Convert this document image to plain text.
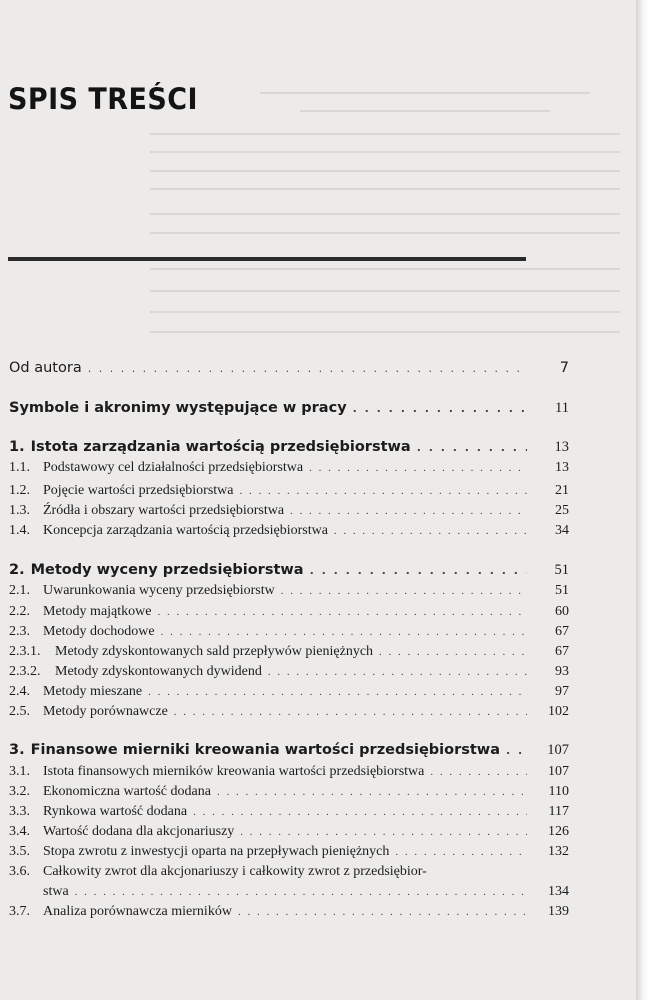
SPIS TREŚCI
Od autora . . .	7
Symbole i akronimy występujące w pracy . . .	11
1. Istota zarządzania wartością przedsiębiorstwa . . .	13
1.1. Podstawowy cel działalności przedsiębiorstwa . . .	13
1.2. Pojęcie wartości przedsiębiorstwa . . .	21
1.3. Źródła i obszary wartości przedsiębiorstwa . . .	25
1.4. Koncepcja zarządzania wartością przedsiębiorstwa . . .	34
2. Metody wyceny przedsiębiorstwa . . .	51
2.1. Uwarunkowania wyceny przedsiębiorstw . . .	51
2.2. Metody majątkowe . . .	60
2.3. Metody dochodowe . . .	67
2.3.1. Metody zdyskontowanych sald przepływów pieniężnych . . .	67
2.3.2. Metody zdyskontowanych dywidend . . .	93
2.4. Metody mieszane . . .	97
2.5. Metody porównawcze . . .	102
3. Finansowe mierniki kreowania wartości przedsiębiorstwa . . .	107
3.1. Istota finansowych mierników kreowania wartości przedsiębiorstwa . . .	107
3.2. Ekonomiczna wartość dodana . . .	110
3.3. Rynkowa wartość dodana . . .	117
3.4. Wartość dodana dla akcjonariuszy . . .	126
3.5. Stopa zwrotu z inwestycji oparta na przepływach pieniężnych . . .	132
3.6. Całkowity zwrot dla akcjonariuszy i całkowity zwrot z przedsiębior-
stwa . . .	134
3.7. Analiza porównawcza mierników . . .	139
